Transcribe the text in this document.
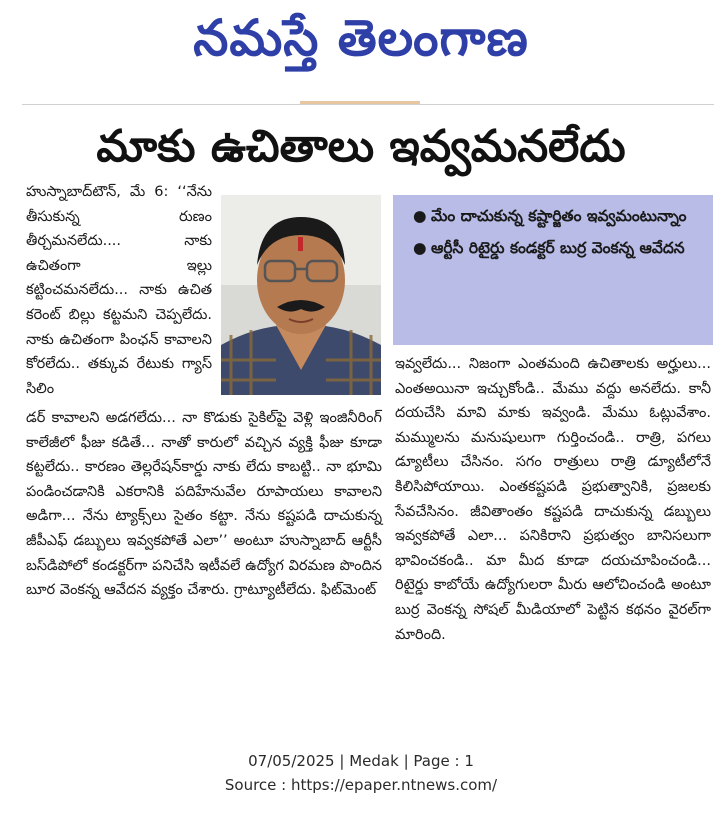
నమస్తే తెలంగాణ
మాకు ఉచితాలు ఇవ్వమనలేదు
హుస్నాబాద్‌టౌన్, మే 6: ‘‘నేను తీసుకున్న రుణం తీర్చమనలేదు.... నాకు ఉచితంగా ఇల్లు కట్టించమనలేదు... నాకు ఉచిత కరెంట్ బిల్లు కట్టమని చెప్పలేదు. నాకు ఉచితంగా పింఛన్ కావాలని కోరలేదు.. తక్కువ రేటుకు గ్యాస్ సిలిం
● మేం దాచుకున్న కష్టార్జితం ఇవ్వమంటున్నాం
● ఆర్టీసీ రిటైర్డు కండక్టర్ బుర్ర వెంకన్న ఆవేదన
డర్ కావాలని అడగలేదు... నా కొడుకు సైకిల్‌పై వెళ్లి ఇంజినీరింగ్ కాలేజీలో ఫీజు కడితే... నాతో కారులో వచ్చిన వ్యక్తి ఫీజు కూడా కట్టలేదు.. కారణం తెల్లరేషన్‌కార్డు నాకు లేదు కాబట్టి.. నా భూమి పండించడానికి ఎకరానికి పదిహేనువేల రూపాయలు కావాలని అడిగా... నేను ట్యాక్స్‌లు సైతం కట్టా. నేను కష్టపడి దాచుకున్న జీపీఎఫ్ డబ్బులు ఇవ్వకపోతే ఎలా’’ అంటూ హుస్నాబాద్ ఆర్టీసీ బస్‌డిపోలో కండక్టర్‌గా పనిచేసి ఇటీవలే ఉద్యోగ విరమణ పొందిన బూర వెంకన్న ఆవేదన వ్యక్తం చేశారు. గ్రాట్యూటీలేదు. ఫిట్‌మెంట్
ఇవ్వలేదు... నిజంగా ఎంతమంది ఉచితాలకు అర్హులు... ఎంతఅయినా ఇచ్చుకోండి.. మేము వద్దు అనలేదు. కానీ దయచేసి మావి మాకు ఇవ్వండి. మేము ఓట్లువేశాం. మమ్ములను మనుషులుగా గుర్తించండి.. రాత్రి, పగలు డ్యూటీలు చేసినం. సగం రాత్రులు రాత్రి డ్యూటీలోనే కిలిసిపోయాయి. ఎంతకష్టపడి ప్రభుత్వానికి, ప్రజలకు సేవచేసినం. జీవితాంతం కష్టపడి దాచుకున్న డబ్బులు ఇవ్వకపోతే ఎలా... పనికిరాని ప్రభుత్వం బానిసలుగా భావించకండి.. మా మీద కూడా దయచూపించండి... రిటైర్డు కాబోయే ఉద్యోగులరా మీరు ఆలోచించండి అంటూ బుర్ర వెంకన్న సోషల్ మీడియాలో పెట్టిన కథనం వైరల్‌గా మారింది.
07/05/2025 | Medak | Page : 1
Source : https://epaper.ntnews.com/
